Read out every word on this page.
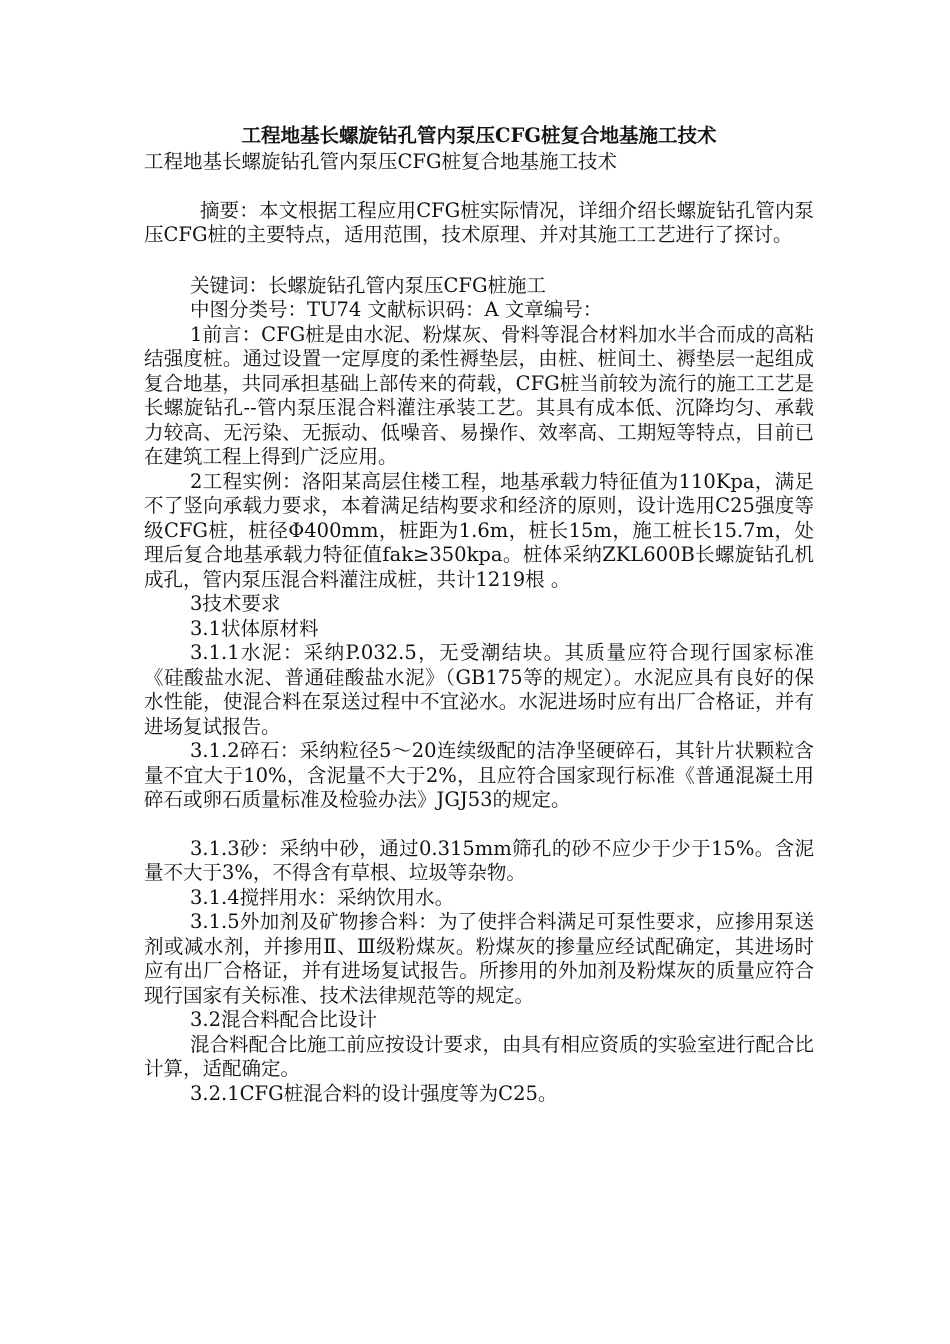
工程地基长螺旋钻孔管内泵压CFG桩复合地基施工技术

工程地基长螺旋钻孔管内泵压CFG桩复合地基施工技术

摘要：本文根据工程应用CFG桩实际情况，详细介绍长螺旋钻孔管内泵压CFG桩的主要特点，适用范围，技术原理、并对其施工工艺进行了探讨。

关键词：长螺旋钻孔管内泵压CFG桩施工

中图分类号：TU74 文献标识码：A 文章编号：

1前言：CFG桩是由水泥、粉煤灰、骨料等混合材料加水半合而成的高粘结强度桩。通过设置一定厚度的柔性褥垫层，由桩、桩间土、褥垫层一起组成复合地基，共同承担基础上部传来的荷载，CFG桩当前较为流行的施工工艺是长螺旋钻孔--管内泵压混合料灌注承装工艺。其具有成本低、沉降均匀、承载力较高、无污染、无振动、低噪音、易操作、效率高、工期短等特点，目前已在建筑工程上得到广泛应用。

2工程实例：洛阳某高层住楼工程，地基承载力特征值为110Kpa，满足不了竖向承载力要求，本着满足结构要求和经济的原则，设计选用C25强度等级CFG桩，桩径Φ400mm，桩距为1.6m，桩长15m，施工桩长15.7m，处理后复合地基承载力特征值fak≥350kpa。桩体采纳ZKL600B长螺旋钻孔机成孔，管内泵压混合料灌注成桩，共计1219根 。

3技术要求

3.1状体原材料

3.1.1水泥：采纳P.032.5，无受潮结块。其质量应符合现行国家标准《硅酸盐水泥、普通硅酸盐水泥》（GB175等的规定）。水泥应具有良好的保水性能，使混合料在泵送过程中不宜泌水。水泥进场时应有出厂合格证，并有进场复试报告。

3.1.2碎石：采纳粒径5～20连续级配的洁净坚硬碎石，其针片状颗粒含量不宜大于10%，含泥量不大于2%，且应符合国家现行标准《普通混凝土用碎石或卵石质量标准及检验办法》JGJ53的规定。

3.1.3砂：采纳中砂，通过0.315mm筛孔的砂不应少于少于15%。含泥量不大于3%，不得含有草根、垃圾等杂物。

3.1.4搅拌用水：采纳饮用水。

3.1.5外加剂及矿物掺合料：为了使拌合料满足可泵性要求，应掺用泵送剂或减水剂，并掺用Ⅱ、Ⅲ级粉煤灰。粉煤灰的掺量应经试配确定，其进场时应有出厂合格证，并有进场复试报告。所掺用的外加剂及粉煤灰的质量应符合现行国家有关标准、技术法律规范等的规定。

3.2混合料配合比设计

混合料配合比施工前应按设计要求，由具有相应资质的实验室进行配合比计算，适配确定。

3.2.1CFG桩混合料的设计强度等为C25。
